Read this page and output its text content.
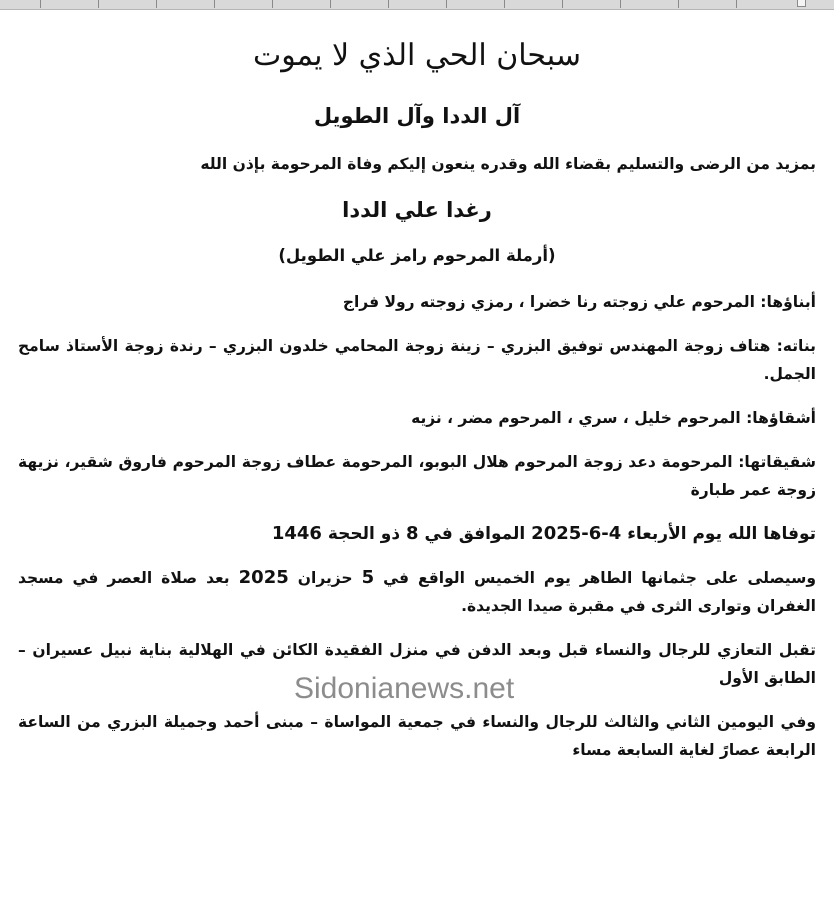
سبحان الحي الذي لا يموت
آل الددا وآل الطويل
بمزيد من الرضى والتسليم بقضاء الله وقدره ينعون إليكم وفاة المرحومة بإذن الله
رغدا علي الددا
(أرملة المرحوم رامز علي الطويل)
أبناؤها: المرحوم علي زوجته رنا خضرا ، رمزي زوجته رولا فراج
بناته: هتاف زوجة المهندس توفيق البزري – زينة زوجة المحامي خلدون البزري – رندة زوجة الأستاذ سامح الجمل.
أشقاؤها: المرحوم خليل ، سري ، المرحوم مضر ، نزيه
شقيقاتها: المرحومة دعد زوجة المرحوم هلال البوبو، المرحومة عطاف زوجة المرحوم فاروق شقير، نزيهة زوجة عمر طبارة
توفاها الله يوم الأربعاء 4-6-2025 الموافق في 8 ذو الحجة 1446
وسيصلى على جثمانها الطاهر يوم الخميس الواقع في 5 حزيران 2025 بعد صلاة العصر في مسجد الغفران وتوارى الثرى في مقبرة صيدا الجديدة.
تقبل التعازي للرجال والنساء قبل وبعد الدفن في منزل الفقيدة الكائن في الهلالية بناية نبيل عسيران – الطابق الأول
Sidonianews.net
وفي اليومين الثاني والثالث للرجال والنساء في جمعية المواساة – مبنى أحمد وجميلة البزري من الساعة الرابعة عصارً لغاية السابعة مساء
